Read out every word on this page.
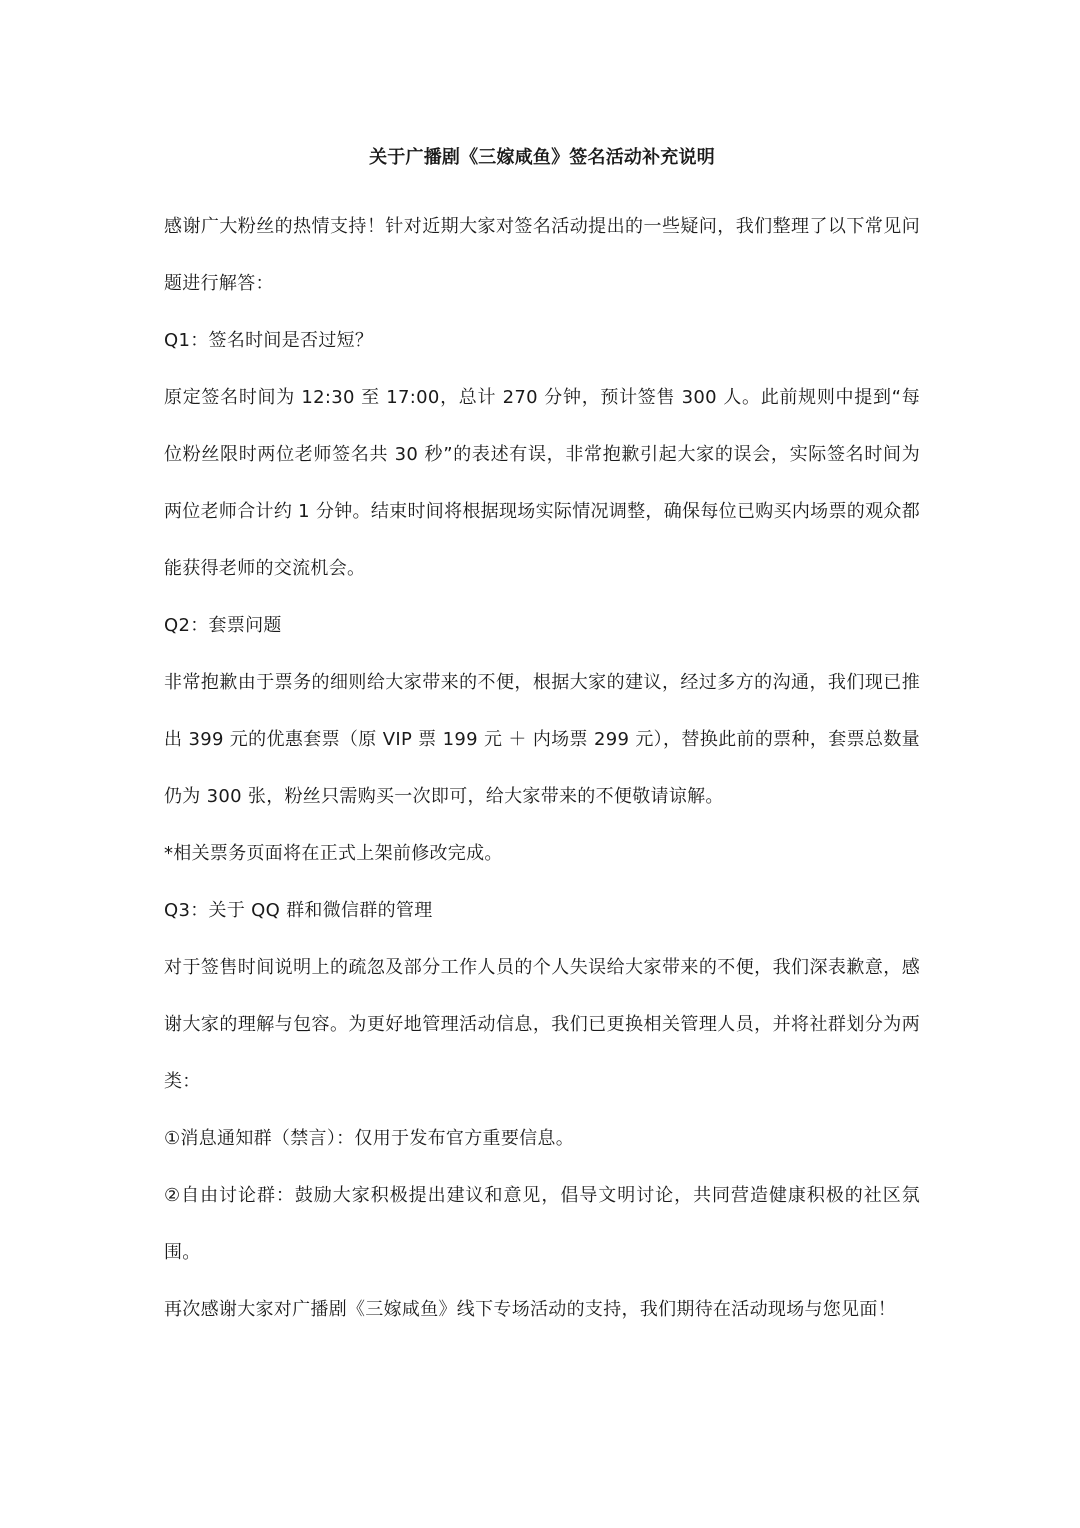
关于广播剧《三嫁咸鱼》签名活动补充说明

感谢广大粉丝的热情支持！针对近期大家对签名活动提出的一些疑问，我们整理了以下常见问题进行解答：

Q1：签名时间是否过短？

原定签名时间为 12:30 至 17:00，总计 270 分钟，预计签售 300 人。此前规则中提到“每位粉丝限时两位老师签名共 30 秒”的表述有误，非常抱歉引起大家的误会，实际签名时间为两位老师合计约 1 分钟。结束时间将根据现场实际情况调整，确保每位已购买内场票的观众都能获得老师的交流机会。

Q2：套票问题

非常抱歉由于票务的细则给大家带来的不便，根据大家的建议，经过多方的沟通，我们现已推出 399 元的优惠套票（原 VIP 票 199 元 ＋ 内场票 299 元），替换此前的票种，套票总数量仍为 300 张，粉丝只需购买一次即可，给大家带来的不便敬请谅解。

*相关票务页面将在正式上架前修改完成。

Q3：关于 QQ 群和微信群的管理

对于签售时间说明上的疏忽及部分工作人员的个人失误给大家带来的不便，我们深表歉意，感谢大家的理解与包容。为更好地管理活动信息，我们已更换相关管理人员，并将社群划分为两类：

①消息通知群（禁言）：仅用于发布官方重要信息。

②自由讨论群：鼓励大家积极提出建议和意见，倡导文明讨论，共同营造健康积极的社区氛围。

再次感谢大家对广播剧《三嫁咸鱼》线下专场活动的支持，我们期待在活动现场与您见面！
